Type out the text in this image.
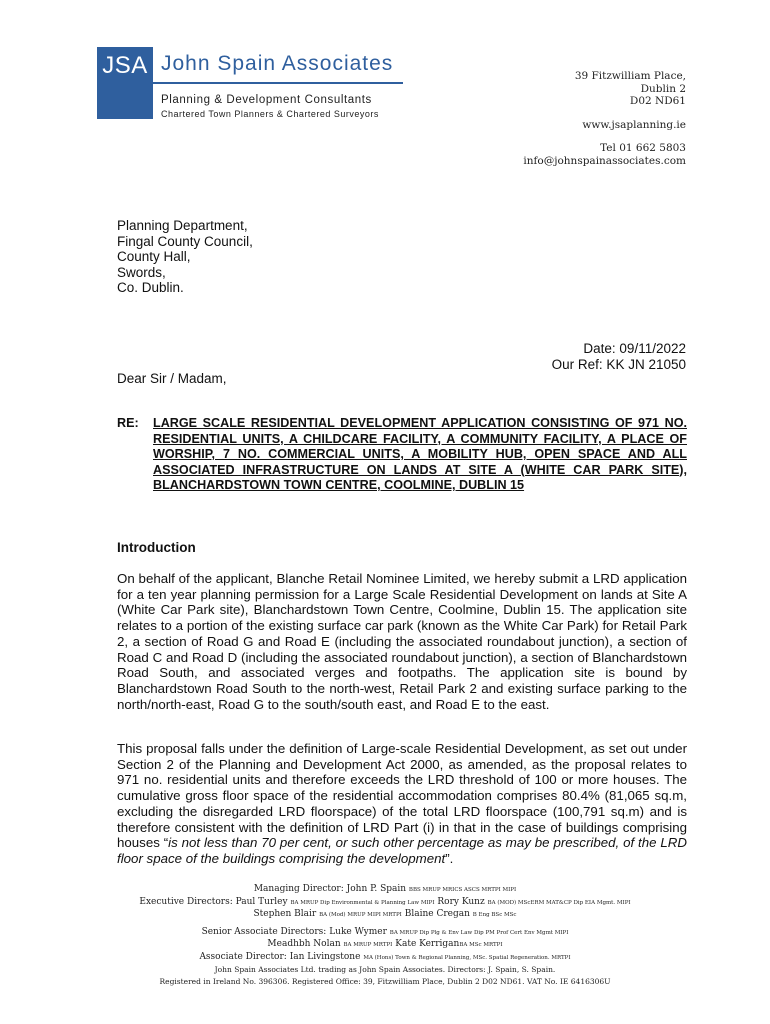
JSA John Spain Associates
Planning & Development Consultants
Chartered Town Planners & Chartered Surveyors
39 Fitzwilliam Place,
Dublin 2
D02 ND61
www.jsaplanning.ie
Tel 01 662 5803
info@johnspainassociates.com
Planning Department,
Fingal County Council,
County Hall,
Swords,
Co. Dublin.
Date: 09/11/2022
Our Ref: KK JN 21050
Dear Sir / Madam,
RE: LARGE SCALE RESIDENTIAL DEVELOPMENT APPLICATION CONSISTING OF 971 NO. RESIDENTIAL UNITS, A CHILDCARE FACILITY, A COMMUNITY FACILITY, A PLACE OF WORSHIP, 7 NO. COMMERCIAL UNITS, A MOBILITY HUB, OPEN SPACE AND ALL ASSOCIATED INFRASTRUCTURE ON LANDS AT SITE A (WHITE CAR PARK SITE), BLANCHARDSTOWN TOWN CENTRE, COOLMINE, DUBLIN 15
Introduction
On behalf of the applicant, Blanche Retail Nominee Limited, we hereby submit a LRD application for a ten year planning permission for a Large Scale Residential Development on lands at Site A (White Car Park site), Blanchardstown Town Centre, Coolmine, Dublin 15. The application site relates to a portion of the existing surface car park (known as the White Car Park) for Retail Park 2, a section of Road G and Road E (including the associated roundabout junction), a section of Road C and Road D (including the associated roundabout junction), a section of Blanchardstown Road South, and associated verges and footpaths. The application site is bound by Blanchardstown Road South to the north-west, Retail Park 2 and existing surface parking to the north/north-east, Road G to the south/south east, and Road E to the east.
This proposal falls under the definition of Large-scale Residential Development, as set out under Section 2 of the Planning and Development Act 2000, as amended, as the proposal relates to 971 no. residential units and therefore exceeds the LRD threshold of 100 or more houses. The cumulative gross floor space of the residential accommodation comprises 80.4% (81,065 sq.m, excluding the disregarded LRD floorspace) of the total LRD floorspace (100,791 sq.m) and is therefore consistent with the definition of LRD Part (i) in that in the case of buildings comprising houses “is not less than 70 per cent, or such other percentage as may be prescribed, of the LRD floor space of the buildings comprising the development”.
Managing Director: John P. Spain BBS MRUP MRICS ASCS MRTPI MIPI
Executive Directors: Paul Turley BA MRUP Dip Environmental & Planning Law MIPI Rory Kunz BA (MOD) MScERM MAT&CP Dip EIA Mgmt. MIPI
Stephen Blair BA (Mod) MRUP MIPI MRTPI Blaine Cregan B Eng BSc MSc
Senior Associate Directors: Luke Wymer BA MRUP Dip Plg & Env Law Dip PM Prof Cert Env Mgmt MIPI
Meadhbh Nolan BA MRUP MRTPI Kate KerriganBA MSc MRTPI
Associate Director: Ian Livingstone MA (Hons) Town & Regional Planning, MSc. Spatial Regeneration. MRTPI
John Spain Associates Ltd. trading as John Spain Associates. Directors: J. Spain, S. Spain.
Registered in Ireland No. 396306. Registered Office: 39, Fitzwilliam Place, Dublin 2 D02 ND61. VAT No. IE 6416306U
